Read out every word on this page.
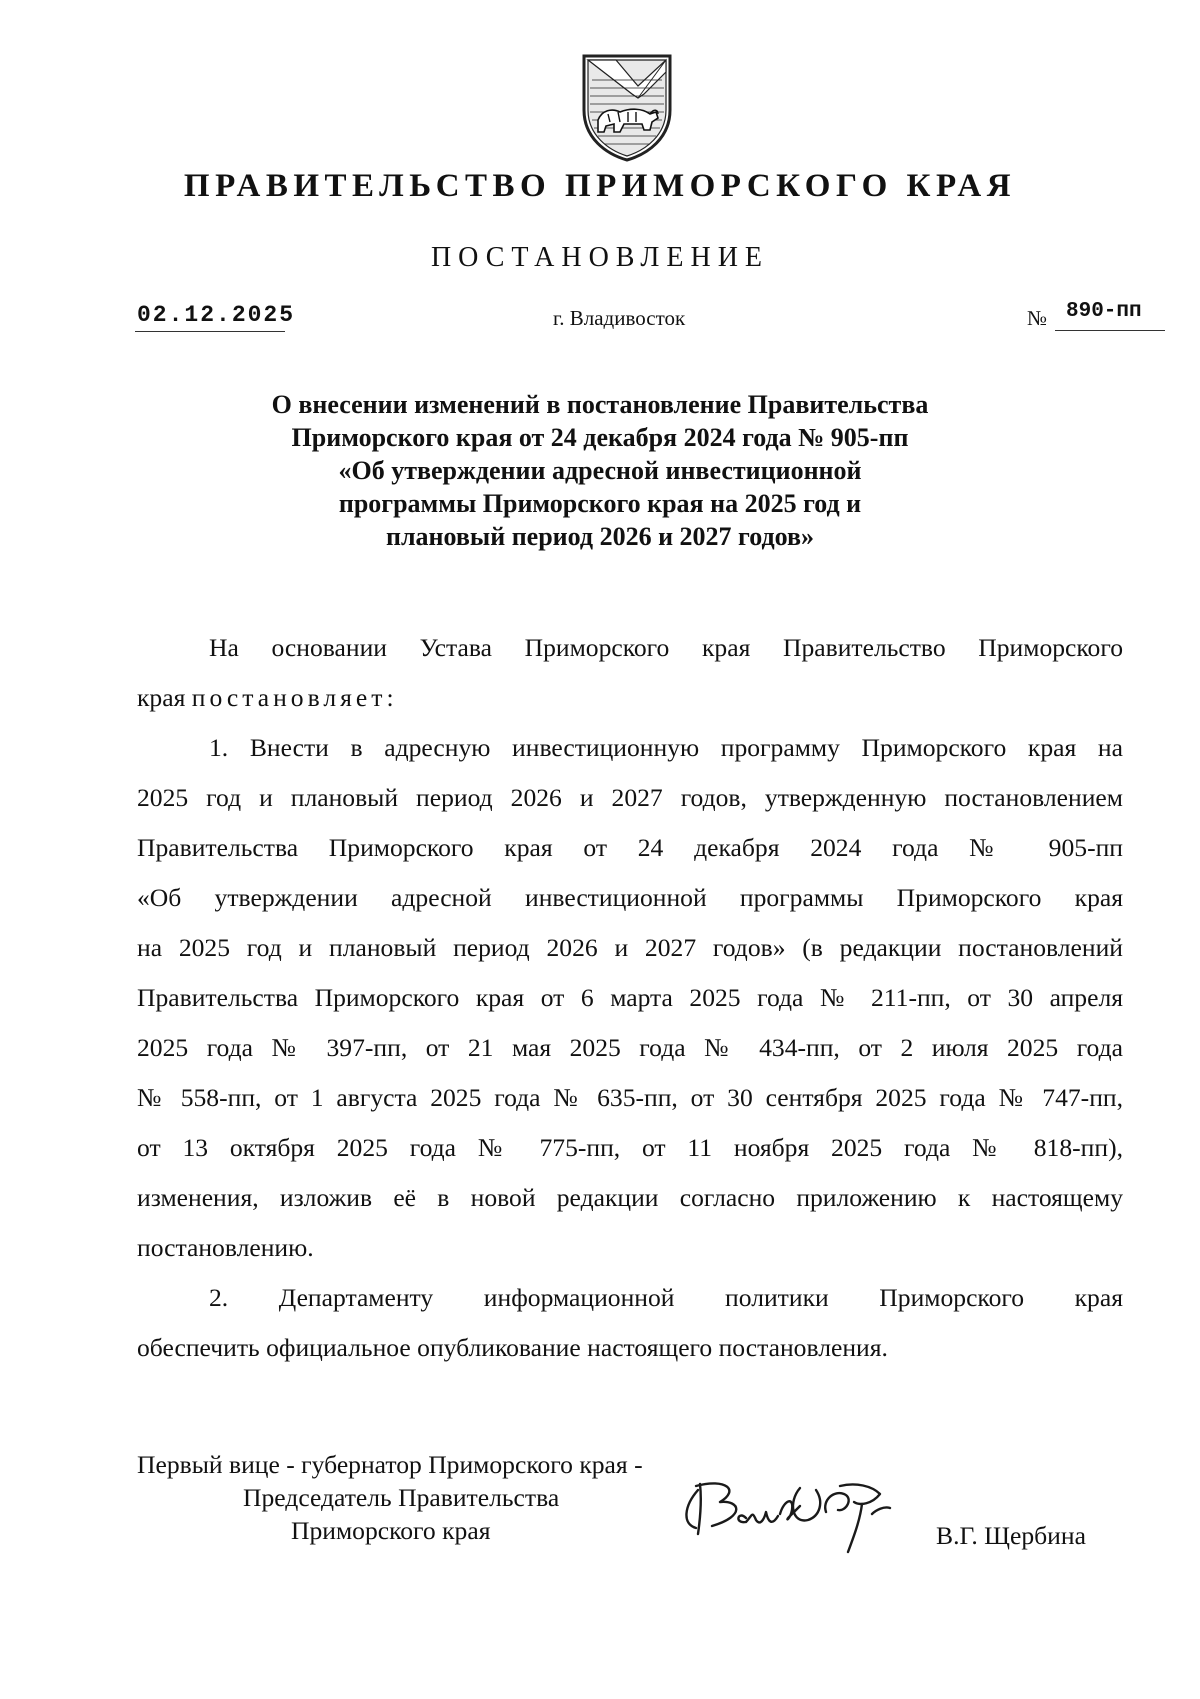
ПРАВИТЕЛЬСТВО ПРИМОРСКОГО КРАЯ
ПОСТАНОВЛЕНИЕ
02.12.2025	г. Владивосток	№ 890-пп
О внесении изменений в постановление Правительства
Приморского края от 24 декабря 2024 года № 905-пп
«Об утверждении адресной инвестиционной
программы Приморского края на 2025 год и
плановый период 2026 и 2027 годов»
На основании Устава Приморского края Правительство Приморского
края постановляет:
1. Внести в адресную инвестиционную программу Приморского края на
2025 год и плановый период 2026 и 2027 годов, утвержденную постановлением
Правительства Приморского края от 24 декабря 2024 года № 905-пп
«Об утверждении адресной инвестиционной программы Приморского края
на 2025 год и плановый период 2026 и 2027 годов» (в редакции постановлений
Правительства Приморского края от 6 марта 2025 года № 211-пп, от 30 апреля
2025 года № 397-пп, от 21 мая 2025 года № 434-пп, от 2 июля 2025 года
№ 558-пп, от 1 августа 2025 года № 635-пп, от 30 сентября 2025 года № 747-пп,
от 13 октября 2025 года № 775-пп, от 11 ноября 2025 года № 818-пп),
изменения, изложив её в новой редакции согласно приложению к настоящему
постановлению.
2. Департаменту информационной политики Приморского края
обеспечить официальное опубликование настоящего постановления.
Первый вице - губернатор Приморского края -
Председатель Правительства
Приморского края	В.Г. Щербина
